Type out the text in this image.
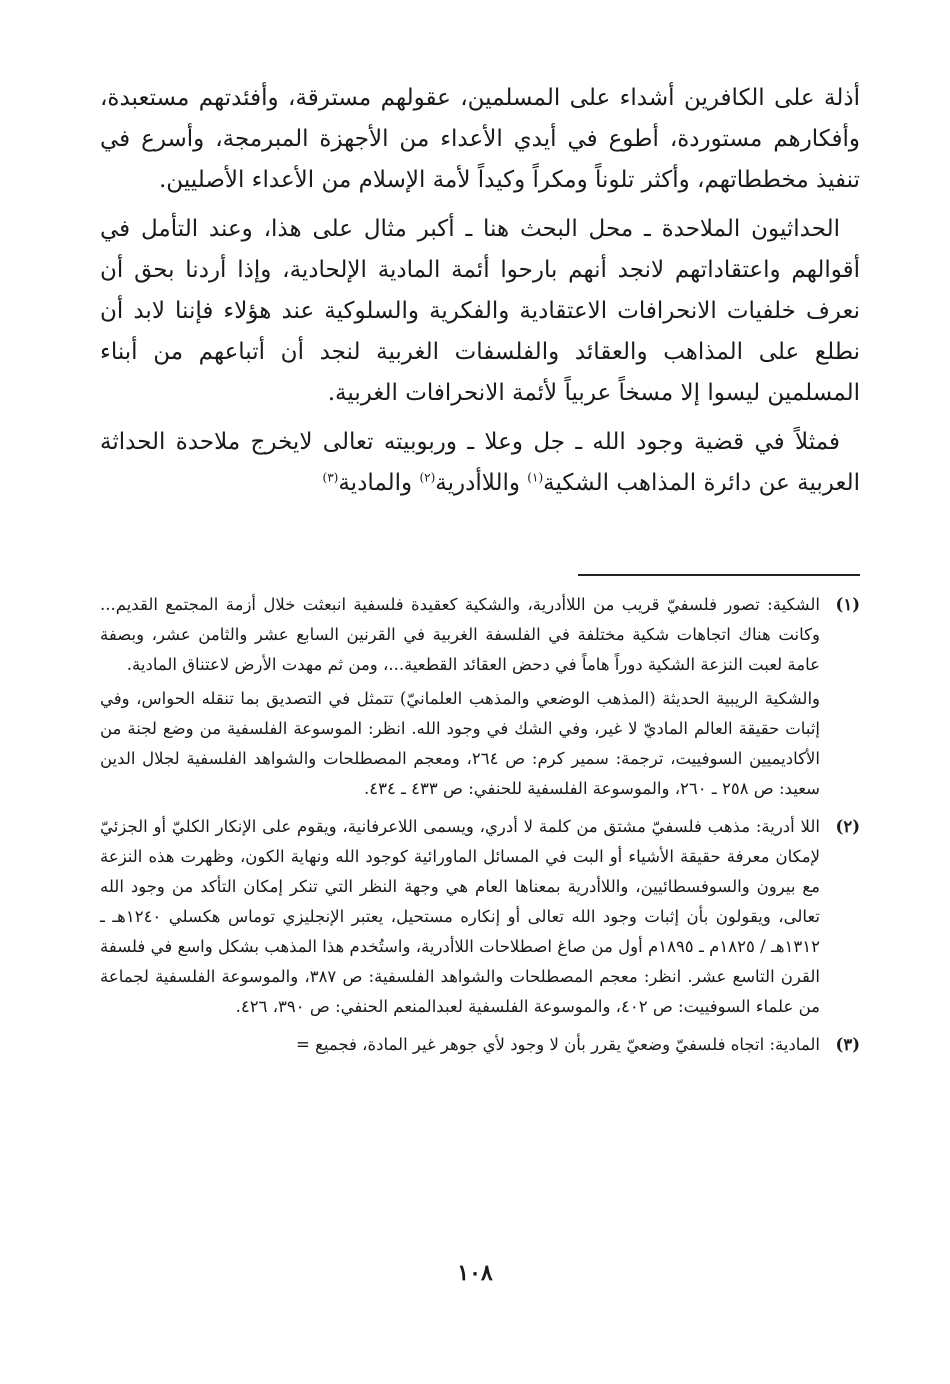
أذلة على الكافرين أشداء على المسلمين، عقولهم مسترقة، وأفئدتهم مستعبدة، وأفكارهم مستوردة، أطوع في أيدي الأعداء من الأجهزة المبرمجة، وأسرع في تنفيذ مخططاتهم، وأكثر تلوناً ومكراً وكيداً لأمة الإسلام من الأعداء الأصليين.

الحداثيون الملاحدة ـ محل البحث هنا ـ أكبر مثال على هذا، وعند التأمل في أقوالهم واعتقاداتهم لانجد أنهم بارحوا أئمة المادية الإلحادية، وإذا أردنا بحق أن نعرف خلفيات الانحرافات الاعتقادية والفكرية والسلوكية عند هؤلاء فإننا لابد أن نطلع على المذاهب والعقائد والفلسفات الغربية لنجد أن أتباعهم من أبناء المسلمين ليسوا إلا مسخاً عربياً لأئمة الانحرافات الغربية.

فمثلاً في قضية وجود الله ـ جل وعلا ـ وربوبيته تعالى لايخرج ملاحدة الحداثة العربية عن دائرة المذاهب الشكية$^{(١)}$ واللاأدرية$^{(٢)}$ والمادية$^{(٣)}$

(١)

الشكية: تصور فلسفيّ قريب من اللاأدرية، والشكية كعقيدة فلسفية انبعثت خلال أزمة المجتمع القديم... وكانت هناك اتجاهات شكية مختلفة في الفلسفة الغربية في القرنين السابع عشر والثامن عشر، وبصفة عامة لعبت النزعة الشكية دوراً هاماً في دحض العقائد القطعية...، ومن ثم مهدت الأرض لاعتناق المادية.

والشكية الريبية الحديثة (المذهب الوضعي والمذهب العلمانيّ) تتمثل في التصديق بما تنقله الحواس، وفي إثبات حقيقة العالم الماديّ لا غير، وفي الشك في وجود الله. انظر: الموسوعة الفلسفية من وضع لجنة من الأكاديميين السوفييت، ترجمة: سمير كرم: ص ٢٦٤، ومعجم المصطلحات والشواهد الفلسفية لجلال الدين سعيد: ص ٢٥٨ ـ ٢٦٠، والموسوعة الفلسفية للحنفي: ص ٤٣٣ ـ ٤٣٤.

(٢)

اللا أدرية: مذهب فلسفيّ مشتق من كلمة لا أدري، ويسمى اللاعرفانية، ويقوم على الإنكار الكليّ أو الجزئيّ لإمكان معرفة حقيقة الأشياء أو البت في المسائل الماورائية كوجود الله ونهاية الكون، وظهرت هذه النزعة مع بيرون والسوفسطائيين، واللاأدرية بمعناها العام هي وجهة النظر التي تنكر إمكان التأكد من وجود الله تعالى، ويقولون بأن إثبات وجود الله تعالى أو إنكاره مستحيل، يعتبر الإنجليزي توماس هكسلي ١٢٤٠هـ ـ ١٣١٢هـ / ١٨٢٥م ـ ١٨٩٥م أول من صاغ اصطلاحات اللاأدرية، واستُخدم هذا المذهب بشكل واسع في فلسفة القرن التاسع عشر. انظر: معجم المصطلحات والشواهد الفلسفية: ص ٣٨٧، والموسوعة الفلسفية لجماعة من علماء السوفييت: ص ٤٠٢، والموسوعة الفلسفية لعبدالمنعم الحنفي: ص ٣٩٠، ٤٢٦.

(٣)

المادية: اتجاه فلسفيّ وضعيّ يقرر بأن لا وجود لأي جوهر غير المادة، فجميع =

١٠٨
